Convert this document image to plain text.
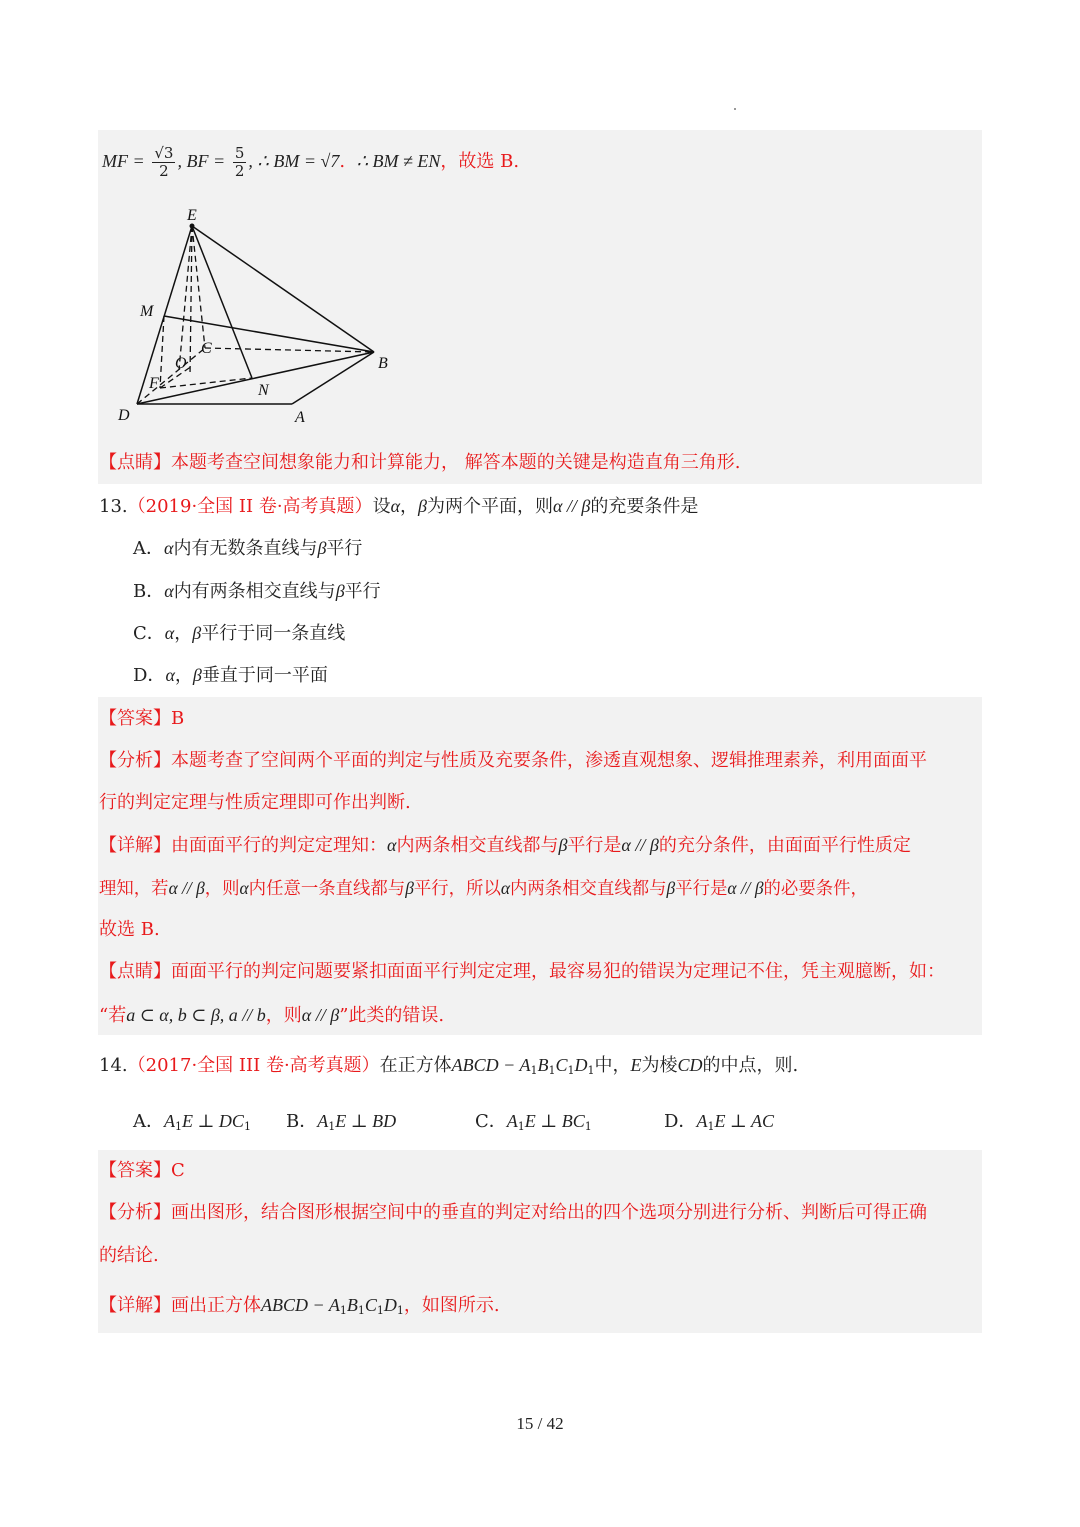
MF = $\frac{√3}{2}$ , BF = $\frac{5}{2}$ , ∴ BM = √7. ∴ BM ≠ EN，故选 B.
E
M
C
O
F	N
B
D	A
【点睛】本题考查空间想象能力和计算能力， 解答本题的关键是构造直角三角形.
13.（2019·全国 II 卷·高考真题）设α，β为两个平面，则α // β的充要条件是
A．α内有无数条直线与β平行
B．α内有两条相交直线与β平行
C．α，β平行于同一条直线
D．α，β垂直于同一平面
【答案】B
【分析】本题考查了空间两个平面的判定与性质及充要条件，渗透直观想象、逻辑推理素养，利用面面平
行的判定定理与性质定理即可作出判断.
【详解】由面面平行的判定定理知：α内两条相交直线都与β平行是α // β的充分条件，由面面平行性质定
理知，若α // β，则α内任意一条直线都与β平行，所以α内两条相交直线都与β平行是α // β的必要条件，
故选 B.
【点睛】面面平行的判定问题要紧扣面面平行判定定理，最容易犯的错误为定理记不住，凭主观臆断，如：
“若a ⊂ α, b ⊂ β, a // b，则α // β”此类的错误.
14.（2017·全国 III 卷·高考真题）在正方体ABCD − A1B1C1D1中，E为棱CD的中点，则.
A．A1E ⊥ DC1 B．A1E ⊥ BD	C．A1E ⊥ BC1	D．A1E ⊥ AC
【答案】C
【分析】画出图形，结合图形根据空间中的垂直的判定对给出的四个选项分别进行分析、判断后可得正确
的结论.
【详解】画出正方体ABCD − A1B1C1D1，如图所示.
15 / 42
